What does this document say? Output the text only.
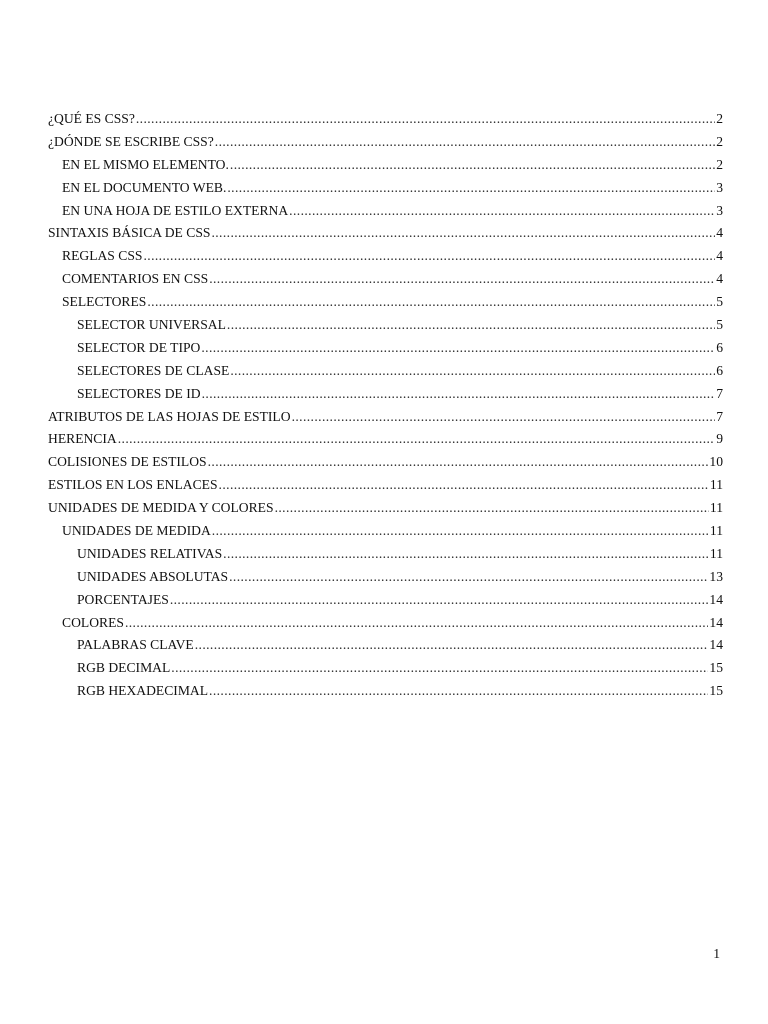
¿QUÉ ES CSS? .....	2
¿DÓNDE SE ESCRIBE CSS? .....	2
EN EL MISMO ELEMENTO. .....	2
EN EL DOCUMENTO WEB. .....	3
EN UNA HOJA DE ESTILO EXTERNA .....	3
SINTAXIS BÁSICA DE CSS .....	4
REGLAS CSS .....	4
COMENTARIOS EN CSS .....	4
SELECTORES .....	5
SELECTOR UNIVERSAL .....	5
SELECTOR DE TIPO .....	6
SELECTORES DE CLASE .....	6
SELECTORES DE ID .....	7
ATRIBUTOS DE LAS HOJAS DE ESTILO .....	7
HERENCIA .....	9
COLISIONES DE ESTILOS .....	10
ESTILOS EN LOS ENLACES .....	11
UNIDADES DE MEDIDA Y COLORES .....	11
UNIDADES DE MEDIDA .....	11
UNIDADES RELATIVAS .....	11
UNIDADES ABSOLUTAS .....	13
PORCENTAJES .....	14
COLORES .....	14
PALABRAS CLAVE .....	14
RGB DECIMAL .....	15
RGB HEXADECIMAL .....	15
1
